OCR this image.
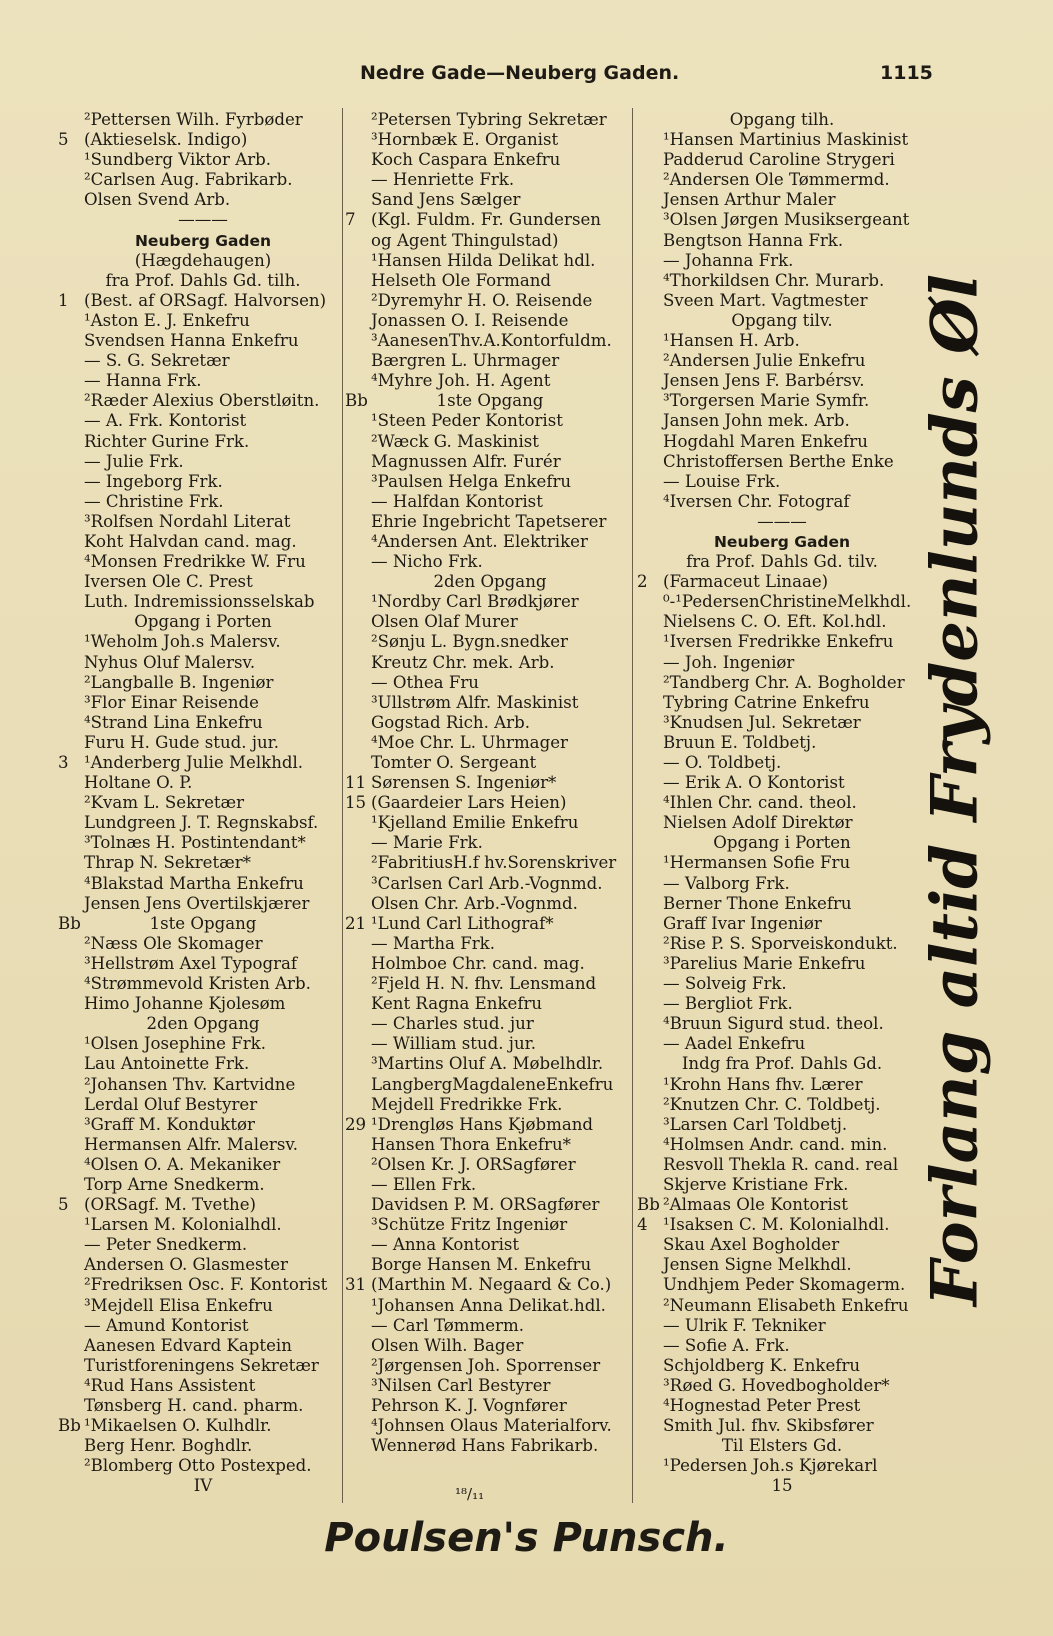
Nedre Gade—Neuberg Gaden.	1115
²Pettersen Wilh. Fyrbøder
5 (Aktieselsk. Indigo)
¹Sundberg Viktor Arb.
²Carlsen Aug. Fabrikarb.
Olsen Svend Arb.
———
Neuberg Gaden
(Hægdehaugen)
fra Prof. Dahls Gd. tilh.
1 (Best. af ORSagf. Halvorsen)
¹Aston E. J. Enkefru
Svendsen Hanna Enkefru
— S. G. Sekretær
— Hanna Frk.
²Ræder Alexius Oberstløitn.
— A. Frk. Kontorist
Richter Gurine Frk.
— Julie Frk.
— Ingeborg Frk.
— Christine Frk.
³Rolfsen Nordahl Literat
Koht Halvdan cand. mag.
⁴Monsen Fredrikke W. Fru
Iversen Ole C. Prest
Luth. Indremissionsselskab
Opgang i Porten
¹Weholm Joh.s Malersv.
Nyhus Oluf Malersv.
²Langballe B. Ingeniør
³Flor Einar Reisende
⁴Strand Lina Enkefru
Furu H. Gude stud. jur.
3 ¹Anderberg Julie Melkhdl.
Holtane O. P.
²Kvam L. Sekretær
Lundgreen J. T. Regnskabsf.
³Tolnæs H. Postintendant*
Thrap N. Sekretær*
⁴Blakstad Martha Enkefru
Jensen Jens Overtilskjærer
Bb	1ste Opgang
²Næss Ole Skomager
³Hellstrøm Axel Typograf
⁴Strømmevold Kristen Arb.
Himo Johanne Kjolesøm
2den Opgang
¹Olsen Josephine Frk.
Lau Antoinette Frk.
²Johansen Thv. Kartvidne
Lerdal Oluf Bestyrer
³Graff M. Konduktør
Hermansen Alfr. Malersv.
⁴Olsen O. A. Mekaniker
Torp Arne Snedkerm.
5 (ORSagf. M. Tvethe)
¹Larsen M. Kolonialhdl.
— Peter Snedkerm.
Andersen O. Glasmester
²Fredriksen Osc. F. Kontorist
³Mejdell Elisa Enkefru
— Amund Kontorist
Aanesen Edvard Kaptein
Turistforeningens Sekretær
⁴Rud Hans Assistent
Tønsberg H. cand. pharm.
Bb ¹Mikaelsen O. Kulhdlr.
Berg Henr. Boghdlr.
²Blomberg Otto Postexped.
IV
²Petersen Tybring Sekretær
³Hornbæk E. Organist
Koch Caspara Enkefru
— Henriette Frk.
Sand Jens Sælger
7 (Kgl. Fuldm. Fr. Gundersen
og Agent Thingulstad)
¹Hansen Hilda Delikat hdl.
Helseth Ole Formand
²Dyremyhr H. O. Reisende
Jonassen O. I. Reisende
³AanesenThv.A.Kontorfuldm.
Bærgren L. Uhrmager
⁴Myhre Joh. H. Agent
Bb	1ste Opgang
¹Steen Peder Kontorist
²Wæck G. Maskinist
Magnussen Alfr. Furér
³Paulsen Helga Enkefru
— Halfdan Kontorist
Ehrie Ingebricht Tapetserer
⁴Andersen Ant. Elektriker
— Nicho Frk.
2den Opgang
¹Nordby Carl Brødkjører
Olsen Olaf Murer
²Sønju L. Bygn.snedker
Kreutz Chr. mek. Arb.
— Othea Fru
³Ullstrøm Alfr. Maskinist
Gogstad Rich. Arb.
⁴Moe Chr. L. Uhrmager
Tomter O. Sergeant
11 Sørensen S. Ingeniør*
15 (Gaardeier Lars Heien)
¹Kjelland Emilie Enkefru
— Marie Frk.
²FabritiusH.f hv.Sorenskriver
³Carlsen Carl Arb.-Vognmd.
Olsen Chr. Arb.-Vognmd.
21 ¹Lund Carl Lithograf*
— Martha Frk.
Holmboe Chr. cand. mag.
²Fjeld H. N. fhv. Lensmand
Kent Ragna Enkefru
— Charles stud. jur
— William stud. jur.
³Martins Oluf A. Møbelhdlr.
LangbergMagdaleneEnkefru
Mejdell Fredrikke Frk.
29 ¹Drengløs Hans Kjøbmand
Hansen Thora Enkefru*
²Olsen Kr. J. ORSagfører
— Ellen Frk.
Davidsen P. M. ORSagfører
³Schütze Fritz Ingeniør
— Anna Kontorist
Borge Hansen M. Enkefru
31 (Marthin M. Negaard & Co.)
¹Johansen Anna Delikat.hdl.
— Carl Tømmerm.
Olsen Wilh. Bager
²Jørgensen Joh. Sporrenser
³Nilsen Carl Bestyrer
Pehrson K. J. Vognfører
⁴Johnsen Olaus Materialforv.
Wennerød Hans Fabrikarb.
Opgang tilh.
¹Hansen Martinius Maskinist
Padderud Caroline Strygeri
²Andersen Ole Tømmermd.
Jensen Arthur Maler
³Olsen Jørgen Musiksergeant
Bengtson Hanna Frk.
— Johanna Frk.
⁴Thorkildsen Chr. Murarb.
Sveen Mart. Vagtmester
Opgang tilv.
¹Hansen H. Arb.
²Andersen Julie Enkefru
Jensen Jens F. Barbérsv.
³Torgersen Marie Symfr.
Jansen John mek. Arb.
Hogdahl Maren Enkefru
Christoffersen Berthe Enke
— Louise Frk.
⁴Iversen Chr. Fotograf
———
Neuberg Gaden
fra Prof. Dahls Gd. tilv.
2 (Farmaceut Linaae)
⁰-¹PedersenChristineMelkhdl.
Nielsens C. O. Eft. Kol.hdl.
¹Iversen Fredrikke Enkefru
— Joh. Ingeniør
²Tandberg Chr. A. Bogholder
Tybring Catrine Enkefru
³Knudsen Jul. Sekretær
Bruun E. Toldbetj.
— O. Toldbetj.
— Erik A. O Kontorist
⁴Ihlen Chr. cand. theol.
Nielsen Adolf Direktør
Opgang i Porten
¹Hermansen Sofie Fru
— Valborg Frk.
Berner Thone Enkefru
Graff Ivar Ingeniør
²Rise P. S. Sporveiskondukt.
³Parelius Marie Enkefru
— Solveig Frk.
— Bergliot Frk.
⁴Bruun Sigurd stud. theol.
— Aadel Enkefru
Indg fra Prof. Dahls Gd.
¹Krohn Hans fhv. Lærer
²Knutzen Chr. C. Toldbetj.
³Larsen Carl Toldbetj.
⁴Holmsen Andr. cand. min.
Resvoll Thekla R. cand. real
Skjerve Kristiane Frk.
Bb ²Almaas Ole Kontorist
4 ¹Isaksen C. M. Kolonialhdl.
Skau Axel Bogholder
Jensen Signe Melkhdl.
Undhjem Peder Skomagerm.
²Neumann Elisabeth Enkefru
— Ulrik F. Tekniker
— Sofie A. Frk.
Schjoldberg K. Enkefru
³Røed G. Hovedbogholder*
⁴Hognestad Peter Prest
Smith Jul. fhv. Skibsfører
Til Elsters Gd.
¹Pedersen Joh.s Kjørekarl
15
Forlang altid Frydenlunds Øl
¹⁸/₁₁
Poulsen's Punsch.
